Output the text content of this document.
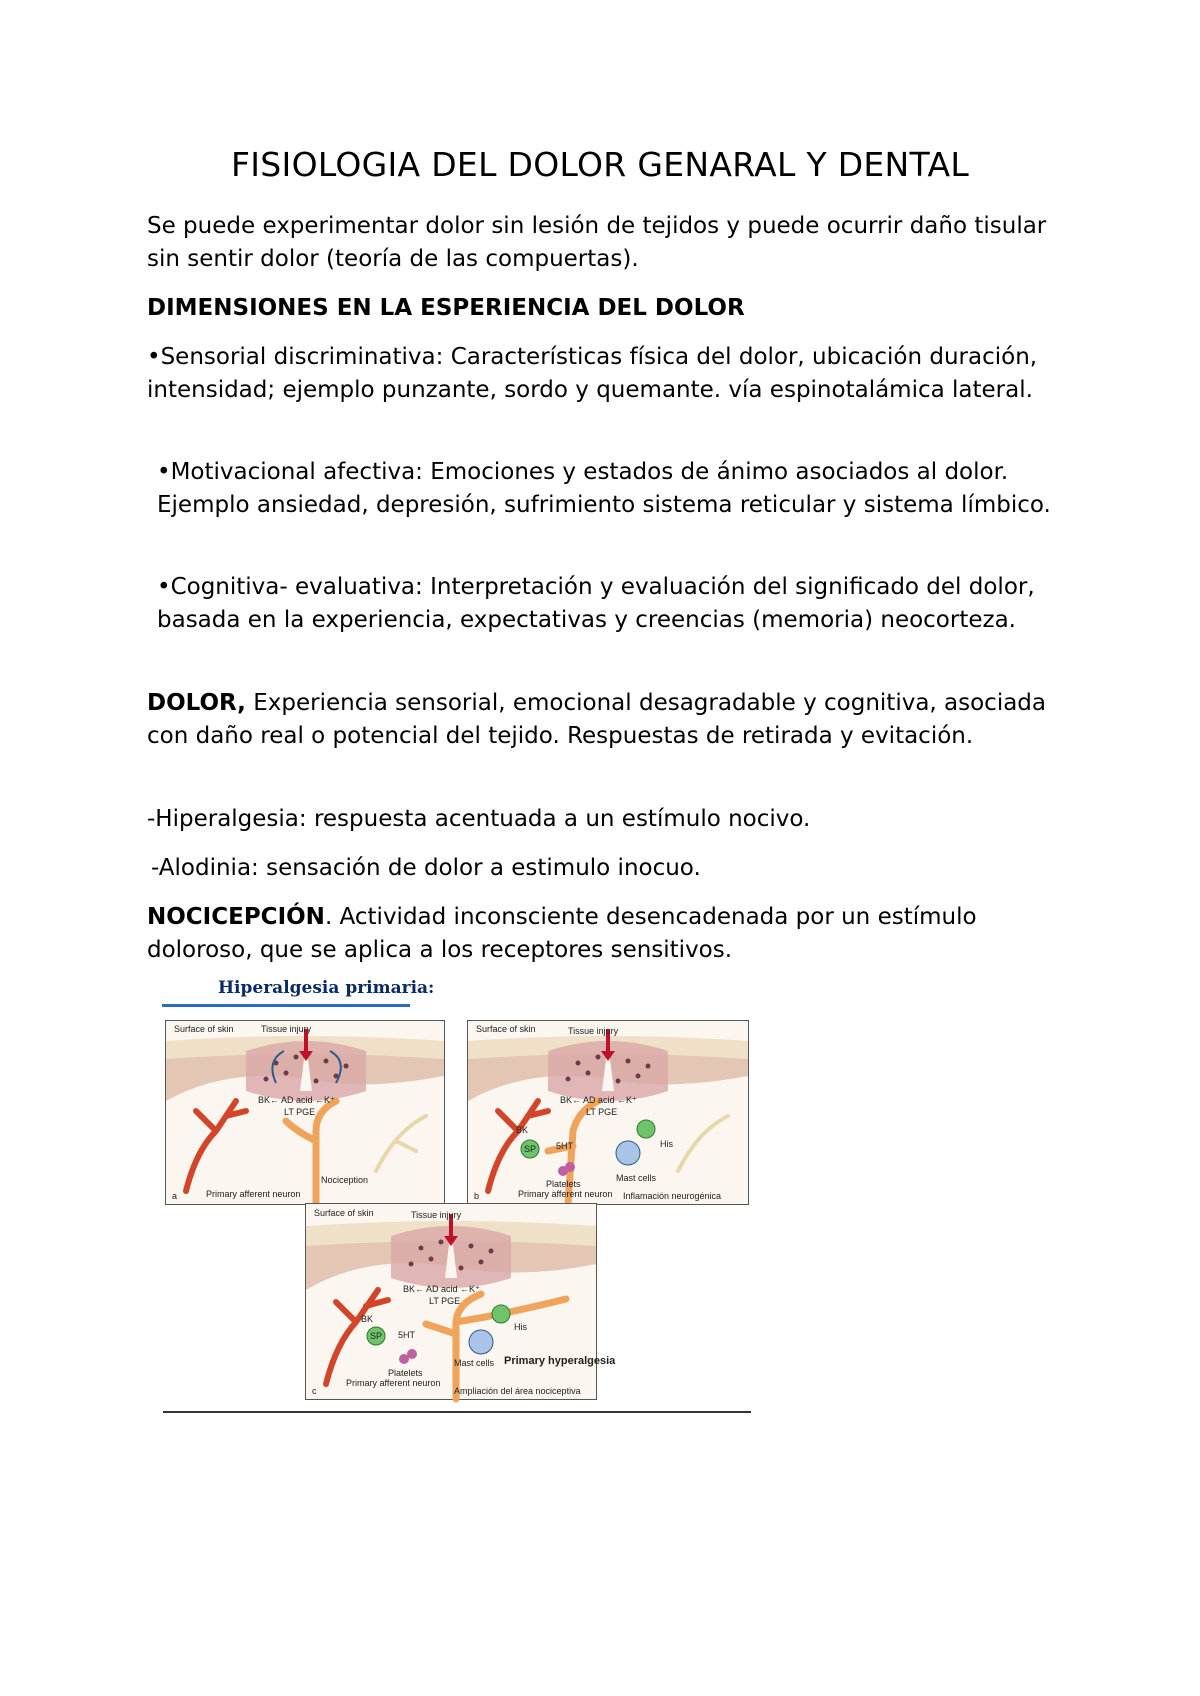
FISIOLOGIA DEL DOLOR GENARAL Y DENTAL
Se puede experimentar dolor sin lesión de tejidos y puede ocurrir daño tisular sin sentir dolor (teoría de las compuertas).
DIMENSIONES EN LA ESPERIENCIA DEL DOLOR
•Sensorial discriminativa: Características física del dolor, ubicación duración, intensidad; ejemplo punzante, sordo y quemante. vía espinotalámica lateral.
•Motivacional afectiva: Emociones y estados de ánimo asociados al dolor. Ejemplo ansiedad, depresión, sufrimiento sistema reticular y sistema límbico.
•Cognitiva- evaluativa: Interpretación y evaluación del significado del dolor, basada en la experiencia, expectativas y creencias (memoria) neocorteza.
DOLOR, Experiencia sensorial, emocional desagradable y cognitiva, asociada con daño real o potencial del tejido. Respuestas de retirada y evitación.
-Hiperalgesia: respuesta acentuada a un estímulo nocivo.
-Alodinia: sensación de dolor a estimulo inocuo.
NOCICEPCIÓN. Actividad inconsciente desencadenada por un estímulo doloroso, que se aplica a los receptores sensitivos.
Hiperalgesia primaria:
Surface of skin	Tissue injury
BK← AD acid ←K⁺
LT PGE
Nociception
a	Primary afferent neuron
Surface of skin	Tissue injury
BK← AD acid ←K⁺
LT PGE
BK
SP 5HT
Platelets
His
Mast cells
b	Primary afferent neuron Inflamación neurogénica
Surface of skin	Tissue injury
BK← AD acid ←K⁺
LT PGE
BK
SP 5HT
Platelets
His
Mast cells Primary hyperalgesia
c
Primary afferent neuron
Ampliación del área nociceptiva
